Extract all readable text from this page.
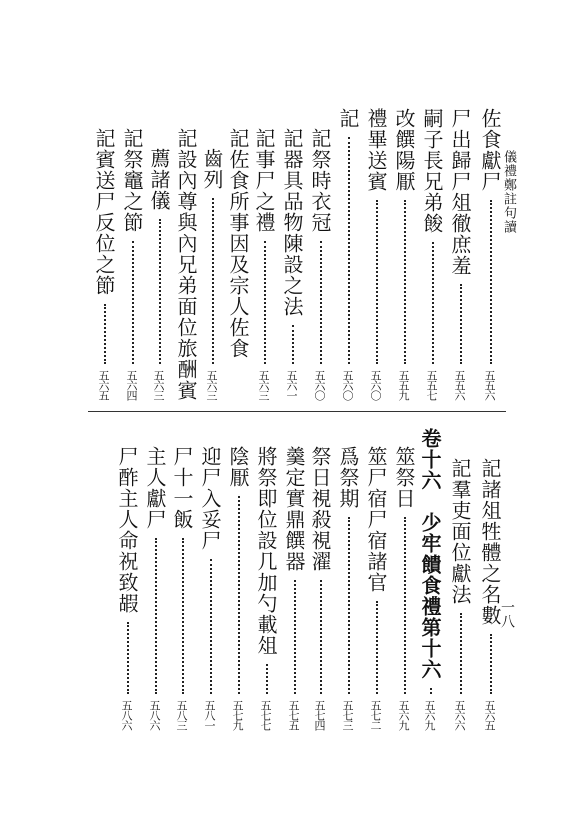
儀禮鄭註句讀
一八
佐食獻尸
五五六
尸出歸尸俎徹庶羞
五五六
嗣子長兄弟餕
五五七
改饌陽厭
五五九
禮畢送賓
五六〇
記
五六〇
記祭時衣冠
五六〇
記器具品物陳設之法
五六一
記事尸之禮
五六三
記佐食所事因及宗人佐食
齒列
五六三
記設內尊與內兄弟面位旅酬賓
薦諸儀
五六三
記祭竈之節
五六四
記賓送尸反位之節
五六五
記諸俎牲體之名數
五六五
記羣吏面位獻法
五六六
卷十六　少牢饋食禮第十六
五六九
筮祭日
五六九
筮尸宿尸宿諸官
五七二
爲祭期
五七三
祭日視殺視濯
五七四
羹定實鼎饌器
五七五
將祭即位設几加勺載俎
五七七
陰厭
五七九
迎尸入妥尸
五八一
尸十一飯
五八三
主人獻尸
五八六
尸酢主人命祝致嘏
五八六
